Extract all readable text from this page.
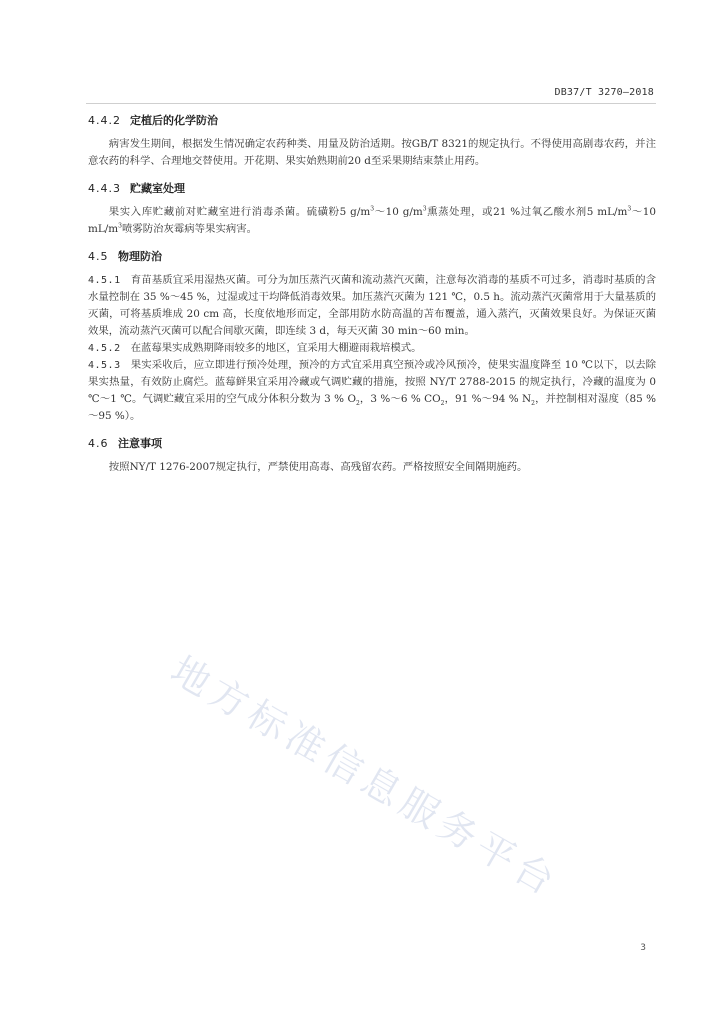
DB37/T 3270—2018
4.4.2 定植后的化学防治

病害发生期间，根据发生情况确定农药种类、用量及防治适期。按GB/T 8321的规定执行。不得使用高剧毒农药，并注意农药的科学、合理地交替使用。开花期、果实始熟期前20 d至采果期结束禁止用药。

4.4.3 贮藏室处理

果实入库贮藏前对贮藏室进行消毒杀菌。硫磺粉5 $g/m^3\sim 10$ $g/m^3$熏蒸处理，或21 %过氧乙酸水剂5 $mL/m^3\sim 10$ $mL/m^3$喷雾防治灰霉病等果实病害。

4.5 物理防治

4.5.1 育苗基质宜采用湿热灭菌。可分为加压蒸汽灭菌和流动蒸汽灭菌，注意每次消毒的基质不可过多，消毒时基质的含水量控制在 35 %～45 %，过湿或过干均降低消毒效果。加压蒸汽灭菌为 121 ℃，0.5 h。流动蒸汽灭菌常用于大量基质的灭菌，可将基质堆成 20 cm 高，长度依地形而定，全部用防水防高温的苫布覆盖，通入蒸汽，灭菌效果良好。为保证灭菌效果，流动蒸汽灭菌可以配合间歇灭菌，即连续 3 d，每天灭菌 30 min～60 min。

4.5.2 在蓝莓果实成熟期降雨较多的地区，宜采用大棚避雨栽培模式。

4.5.3 果实采收后，应立即进行预冷处理，预冷的方式宜采用真空预冷或冷风预冷，使果实温度降至 10 ℃以下，以去除果实热量，有效防止腐烂。蓝莓鲜果宜采用冷藏或气调贮藏的措施，按照 NY/T 2788-2015 的规定执行，冷藏的温度为 0 ℃～1 ℃。气调贮藏宜采用的空气成分体积分数为 3 % $O_2$，3 %～6 % $CO_2$，91 %～94 % $N_2$，并控制相对湿度（85 %～95 %）。

4.6 注意事项

按照NY/T 1276-2007规定执行，严禁使用高毒、高残留农药。严格按照安全间隔期施药。

地方标准信息服务平台
3
